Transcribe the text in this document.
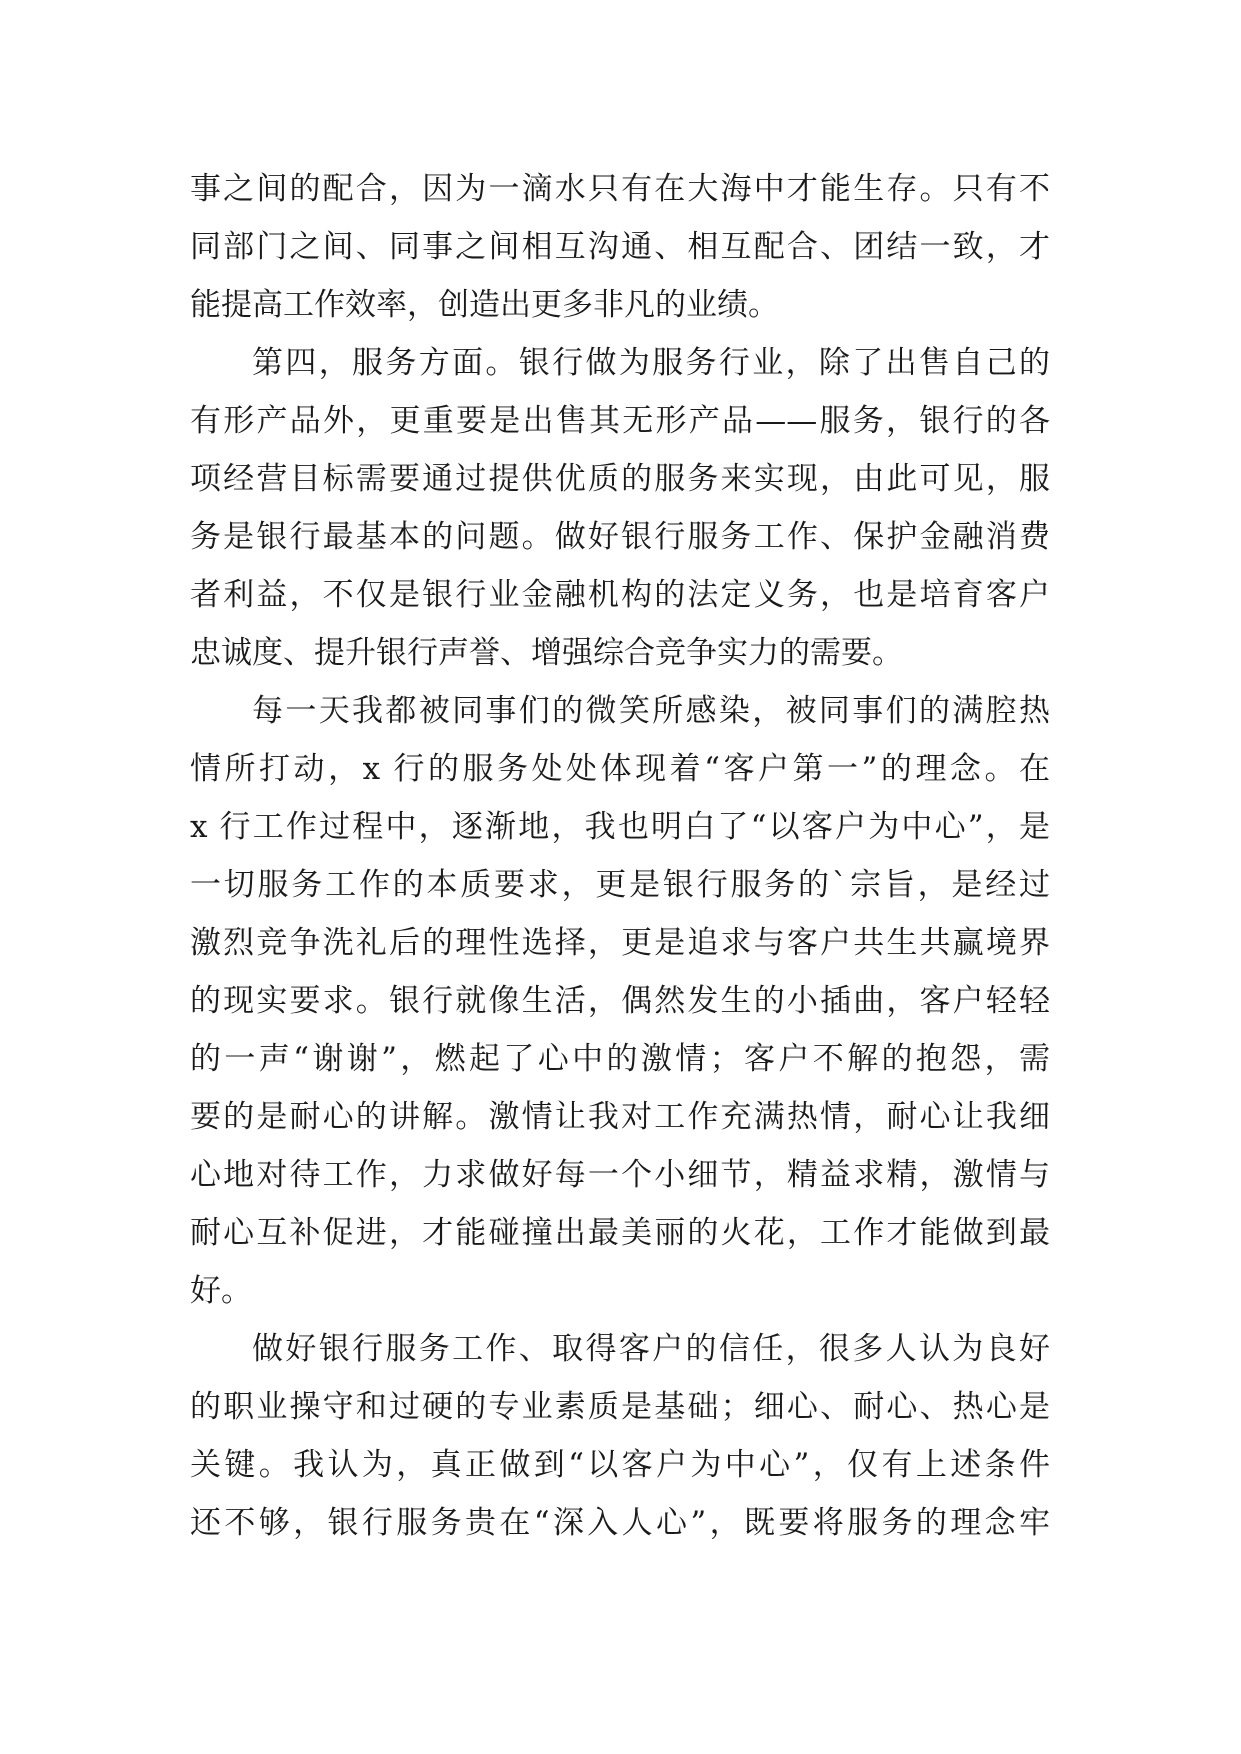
事之间的配合，因为一滴水只有在大海中才能生存。只有不
同部门之间、同事之间相互沟通、相互配合、团结一致，才
能提高工作效率，创造出更多非凡的业绩。
第四，服务方面。银行做为服务行业，除了出售自己的
有形产品外，更重要是出售其无形产品——服务，银行的各
项经营目标需要通过提供优质的服务来实现，由此可见，服
务是银行最基本的问题。做好银行服务工作、保护金融消费
者利益，不仅是银行业金融机构的法定义务，也是培育客户
忠诚度、提升银行声誉、增强综合竞争实力的需要。
每一天我都被同事们的微笑所感染，被同事们的满腔热
情所打动，x 行的服务处处体现着“客户第一”的理念。在
x 行工作过程中，逐渐地，我也明白了“以客户为中心”，是
一切服务工作的本质要求，更是银行服务的`宗旨，是经过
激烈竞争洗礼后的理性选择，更是追求与客户共生共赢境界
的现实要求。银行就像生活，偶然发生的小插曲，客户轻轻
的一声“谢谢”，燃起了心中的激情；客户不解的抱怨，需
要的是耐心的讲解。激情让我对工作充满热情，耐心让我细
心地对待工作，力求做好每一个小细节，精益求精，激情与
耐心互补促进，才能碰撞出最美丽的火花，工作才能做到最
好。
做好银行服务工作、取得客户的信任，很多人认为良好
的职业操守和过硬的专业素质是基础；细心、耐心、热心是
关键。我认为，真正做到“以客户为中心”，仅有上述条件
还不够，银行服务贵在“深入人心”，既要将服务的理念牢
